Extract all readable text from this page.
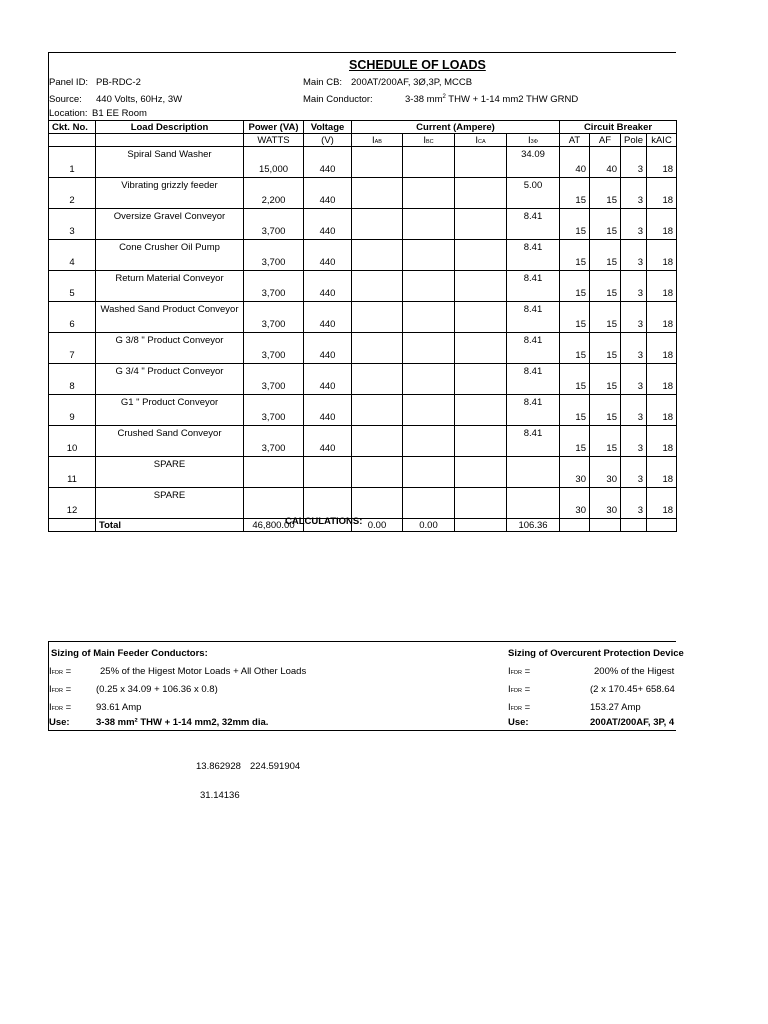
SCHEDULE OF LOADS
Panel ID: PB-RDC-2
Source: 440 Volts, 60Hz, 3W
Location: B1 EE Room
Main CB: 200AT/200AF, 3Ø,3P, MCCB
Main Conductor:	3-38 $mm^2$ THW + 1-14 mm2 THW GRND
Ckt. No.	Load Description	Power (VA)	Voltage	Current (Ampere)				Circuit Breaker			
		WATTS	(V)	IAB	IBC	ICA	I3Φ	AT	AF	Pole	kAIC
1	Spiral Sand Washer	15,000	440				34.09	40	40	3	18
2	Vibrating grizzly feeder	2,200	440				5.00	15	15	3	18
3	Oversize Gravel Conveyor	3,700	440				8.41	15	15	3	18
4	Cone Crusher Oil Pump	3,700	440				8.41	15	15	3	18
5	Return Material Conveyor	3,700	440				8.41	15	15	3	18
6	Washed Sand Product Conveyor	3,700	440				8.41	15	15	3	18
7	G 3/8 " Product Conveyor	3,700	440				8.41	15	15	3	18
8	G 3/4 " Product Conveyor	3,700	440				8.41	15	15	3	18
9	G1 " Product Conveyor	3,700	440				8.41	15	15	3	18
10	Crushed Sand Conveyor	3,700	440				8.41	15	15	3	18
11	SPARE							30	30	3	18
12	SPARE							30	30	3	18
	Total	46,800.00		0.00	0.00		106.36				
CALCULATIONS:
Sizing of Main Feeder Conductors:
IFDR =	25% of the Higest Motor Loads + All Other Loads
IFDR =	(0.25 x 34.09 + 106.36 x 0.8)
IFDR =	93.61 Amp
Use:	3-38 mm² THW + 1-14 mm2, 32mm dia.
Sizing of Overcurent Protection Device
IFDR =	200% of the Higest
IFDR =	(2 x 170.45+ 658.64
IFDR =	153.27 Amp
Use:	200AT/200AF, 3P, 4
13.862928 224.591904
31.14136
